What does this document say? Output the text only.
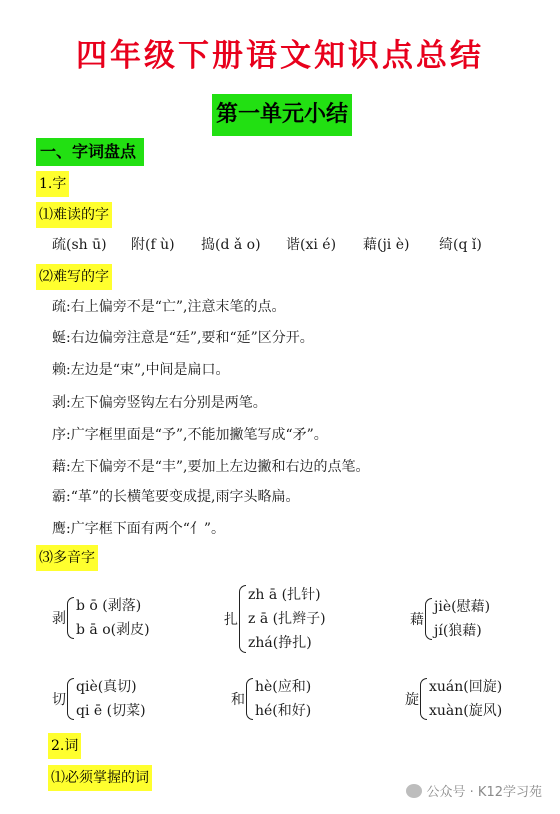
四年级下册语文知识点总结
第一单元小结
一、字词盘点
1.字
⑴难读的字
疏(sh ū) 附(f ù) 捣(d ǎ o) 谐(xi é) 藉(ji è) 绮(q ǐ)
⑵难写的字
疏:右上偏旁不是“亡”,注意末笔的点。
蜒:右边偏旁注意是“廷”,要和“延”区分开。
赖:左边是“束”,中间是扁口。
剥:左下偏旁竖钩左右分别是两笔。
序:广字框里面是“予”,不能加撇笔写成“矛”。
藉:左下偏旁不是“丰”,要加上左边撇和右边的点笔。
霸:“革”的长横笔要变成提,雨字头略扁。
鹰:广字框下面有两个“亻”。
⑶多音字
剥
b ō (剥落)
b ā o(剥皮)
扎
zh ā (扎针)
z ā (扎辫子)
zhá(挣扎)
藉
jiè(慰藉)
jí(狼藉)
切
qiè(真切)
qi ē (切菜)
和
hè(应和)
hé(和好)
旋
xuán(回旋)
xuàn(旋风)
2.词
⑴必须掌握的词
公众号 · K12学习苑
